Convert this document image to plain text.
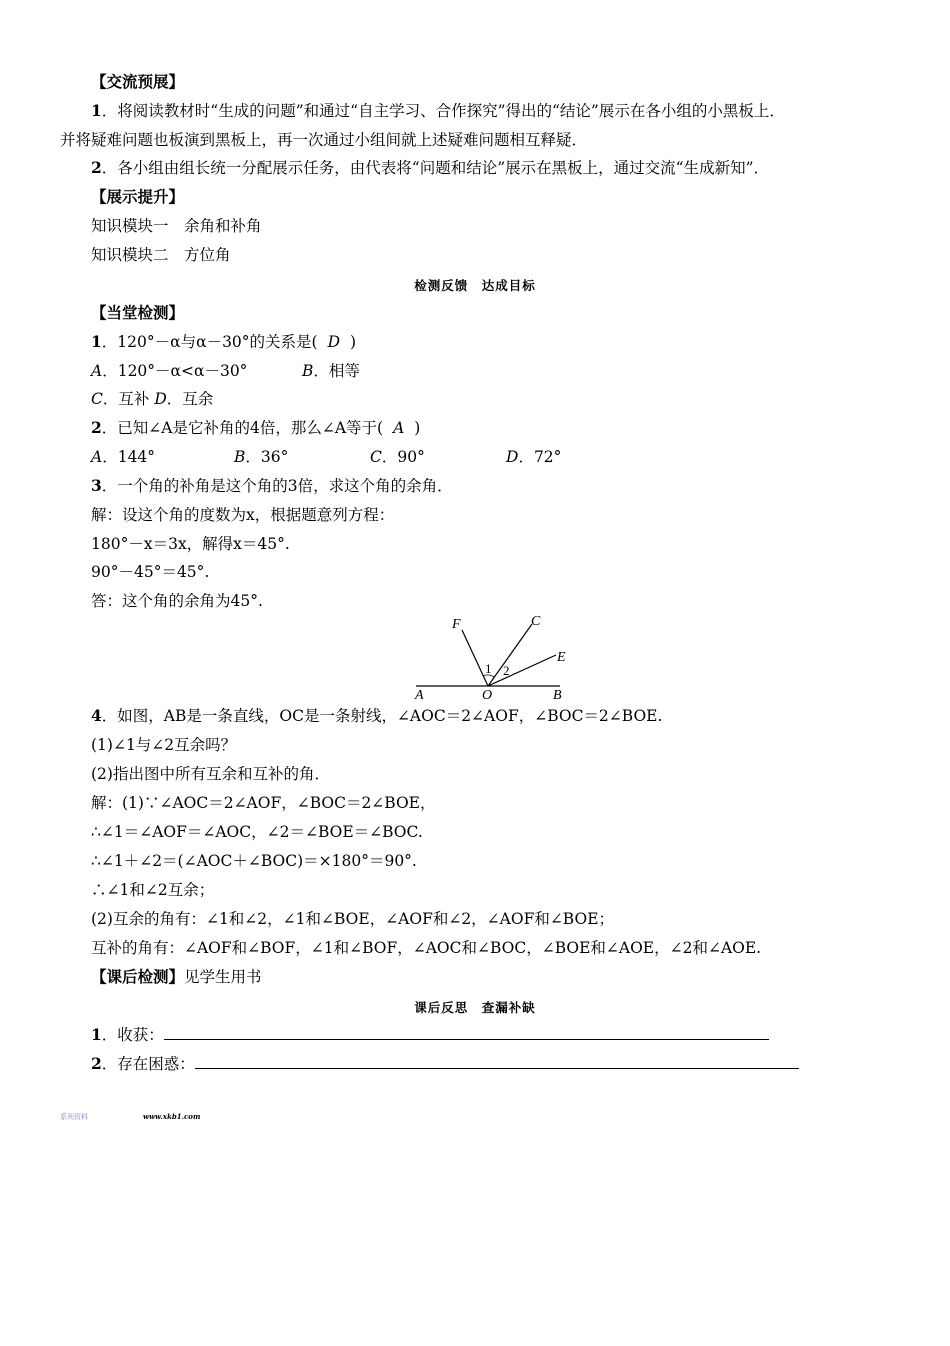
【交流预展】
1．将阅读教材时“生成的问题”和通过“自主学习、合作探究”得出的“结论”展示在各小组的小黑板上．
并将疑难问题也板演到黑板上，再一次通过小组间就上述疑难问题相互释疑．
2．各小组由组长统一分配展示任务，由代表将“问题和结论”展示在黑板上，通过交流“生成新知”．
【展示提升】
知识模块一　余角和补角
知识模块二　方位角
检测反馈　达成目标
【当堂检测】
1．120°－α与α－30°的关系是( D )
A．120°－α<α－30°	B．相等
C．互补 D．互余
2．已知∠A是它补角的4倍，那么∠A等于( A )
A．144°	B．36°	C．90°	D．72°
3．一个角的补角是这个角的3倍，求这个角的余角．
解：设这个角的度数为x，根据题意列方程：
180°－x＝3x，解得x＝45°.
90°－45°＝45°.
答：这个角的余角为45°.
F	C
E
1 2
A	O	B
4．如图，AB是一条直线，OC是一条射线，∠AOC＝2∠AOF，∠BOC＝2∠BOE.
(1)∠1与∠2互余吗？
(2)指出图中所有互余和互补的角．
解：(1)∵∠AOC＝2∠AOF，∠BOC＝2∠BOE，
∴∠1＝∠AOF＝∠AOC，∠2＝∠BOE＝∠BOC.
∴∠1＋∠2＝(∠AOC＋∠BOC)＝×180°＝90°.
∴∠1和∠2互余；
(2)互余的角有：∠1和∠2，∠1和∠BOE，∠AOF和∠2，∠AOF和∠BOE；
互补的角有：∠AOF和∠BOF，∠1和∠BOF，∠AOC和∠BOC，∠BOE和∠AOE，∠2和∠AOE.
【课后检测】见学生用书
课后反思　查漏补缺
1．收获：
2．存在困惑：
系列资料	www.xkb1.com
